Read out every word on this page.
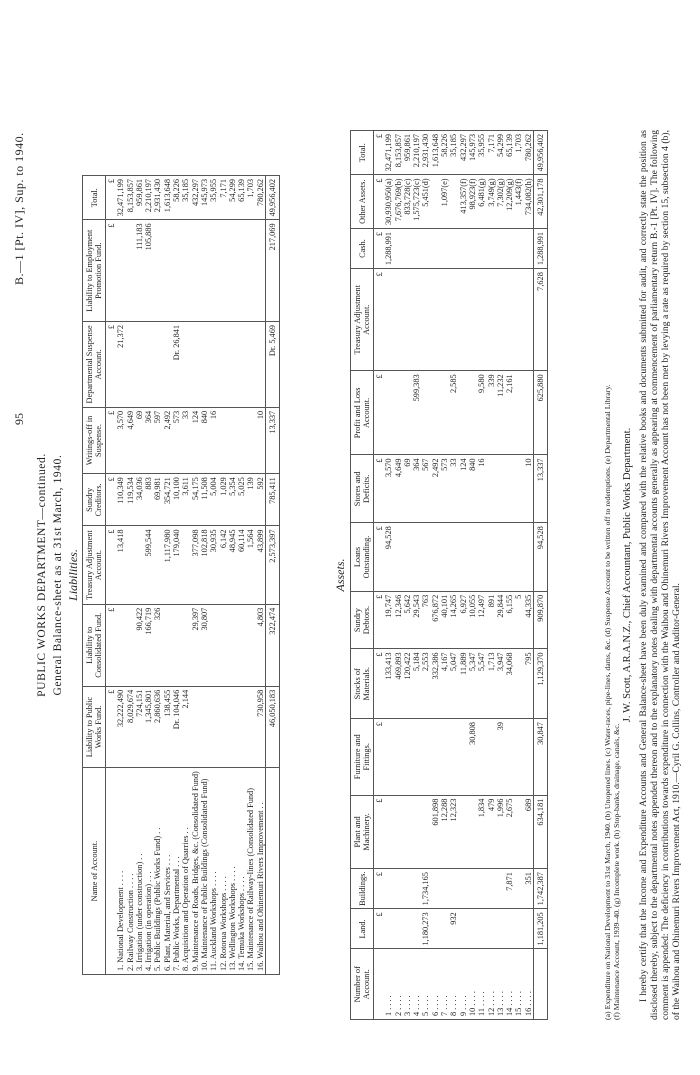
95
B.—1 [Pt. IV], Sup. to 1940.
PUBLIC WORKS DEPARTMENT—continued. General Balance-sheet as at 31st March, 1940. Liabilities.
Name of Account.	Liability to Public Works Fund.	Liability to Consolidated Fund.	Treasury Adjustment Account.	Sundry Creditors.	Writings-off in Suspense.	Departmental Suspense Account.	Liability to Employment Promotion Fund.	Total.
	£	£	£	£	£	£	£	£
1. National Development . . . .	32,222,490		13,418	110,349	3,570	21,372		32,471,199
2. Railway Construction . . . .	8,029,674			119,534	4,649			8,153,857
3. Irrigation (under construction) . .	724,151	90,422		34,036	69		111,183	959,861
4. Irrigation (in operation) . . .	1,345,801	166,719	599,544	883	364		105,886	2,210,197
5. Public Buildings (Public Works Fund) . .	2,860,636	326		69,981	597			2,931,430
6. Plant, Material, and Services . . .	138,455		1,117,980	354,721	2,492			1,613,648
7. Public Works, Departmental . . .	Dr. 104,046		179,040	10,100	573	Dr. 26,841		58,226
8. Acquisition and Operation of Quarries . .	2,144			3,611	33			35,185
9. Maintenance of Roads, Bridges, &c. (Consolidated Fund)		29,397	377,098	54,175	124			432,297
10. Maintenance of Public Buildings (Consolidated Fund)		30,807	102,818	11,508	840			145,973
11. Auckland Workshops . . . .			30,935	5,004	16			35,955
12. Rotorua Workshops . . . .			6,142	1,029				7,171
13. Wellington Workshops . . . .			48,945	5,354				54,299
14. Temuka Workshops . . . .			60,114	5,025				65,139
15. Maintenance of Railway-lines (Consolidated Fund)			1,564	139				1,703
16. Waihou and Ohinemuri Rivers Improvement . .	730,958	4,803	43,899	592	10			780,262
	46,050,183	322,474	2,573,397	785,411	13,337	Dr. 5,469	217,069	49,956,402
Assets.
Number of Account.	Land.	Buildings.	Plant and Machinery.	Furniture and Fittings.	Stocks of Materials.	Sundry Debtors.	Loans Outstanding.	Stores and Deficits.	Profit and Loss Account.	Treasury Adjustment Account.	Cash.	Other Assets.	Total.
	£	£	£	£	£	£	£	£	£	£	£	£	£
1 . . . .					133,413	19,747	94,528	3,570			1,288,991	30,930,950(a)	32,471,199
2 . . . .					469,893	12,346		4,649				7,676,769(b)	8,153,857
3 . . . .					120,422	5,642		69				833,728(c)	959,861
4 . . . .					5,184	29,543		364	599,383			1,575,723(c)	2,210,197
5 . . . .	1,180,273	1,734,165			2,553	763		567				5,451(d)	2,931,430
6 . . . .			601,898		332,386	676,872		2,492					1,613,648
7 . . . .			12,288		4,167	40,101		573				1,097(e)	58,226
8 . . . .	932		12,323		5,047	14,265		33	2,585				35,185
9 . . . .					11,889	6,927		124				413,357(f)	432,297
10 . . . .				30,808	5,347	10,055		840				98,923(f)	145,973
11 . . . .			1,834		5,547	12,497		16	9,580			6,481(g)	35,955
12 . . . .			479		1,713	891			339			3,749(g)	7,171
13 . . . .			1,996	39	3,947	29,844			11,232			7,302(g)	54,299
14 . . . .		7,871	2,675		34,068	6,155			2,161			12,209(g)	65,139
15 . . . .						5						1,443(f)	1,703
16 . . . .		351	689		795	44,335		10				734,082(h)	780,262
	1,181,205	1,742,387	634,181	30,847	1,129,370	909,870	94,528	13,337	625,880	7,628	1,288,991	42,301,178	49,956,402
(a) Expenditure on National Development to 31st March, 1940. (b) Unopened lines. (c) Water-races, pipe-lines, dams, &c. (d) Suspense Account to be written off to redemptions. (e) Departmental Library. (f) Maintenance Account, 1939–40. (g) Incomplete work. (h) Stop-banks, drainage, canals, &c.
J. W. Scott, A.R.A.N.Z., Chief Accountant, Public Works Department. I hereby certify that the Income and Expenditure Accounts and General Balance-sheet have been duly examined and compared with the relative books and documents submitted for audit, and correctly state the position as disclosed thereby, subject to the departmental notes appended thereon and to the explanatory notes dealing with departmental accounts generally as appearing at commencement of parliamentary return B.-1 [Pt. IV]. The following comment is appended: The deficiency in contributions towards expenditure in connection with the Waihou and Ohinemuri Rivers Improvement Account has not been met by levying a rate as required by section 15, subsection 4 (b), of the Waihou and Ohinemuri Rivers Improvement Act, 1910.—Cyril G. Collins, Controller and Auditor-General.
